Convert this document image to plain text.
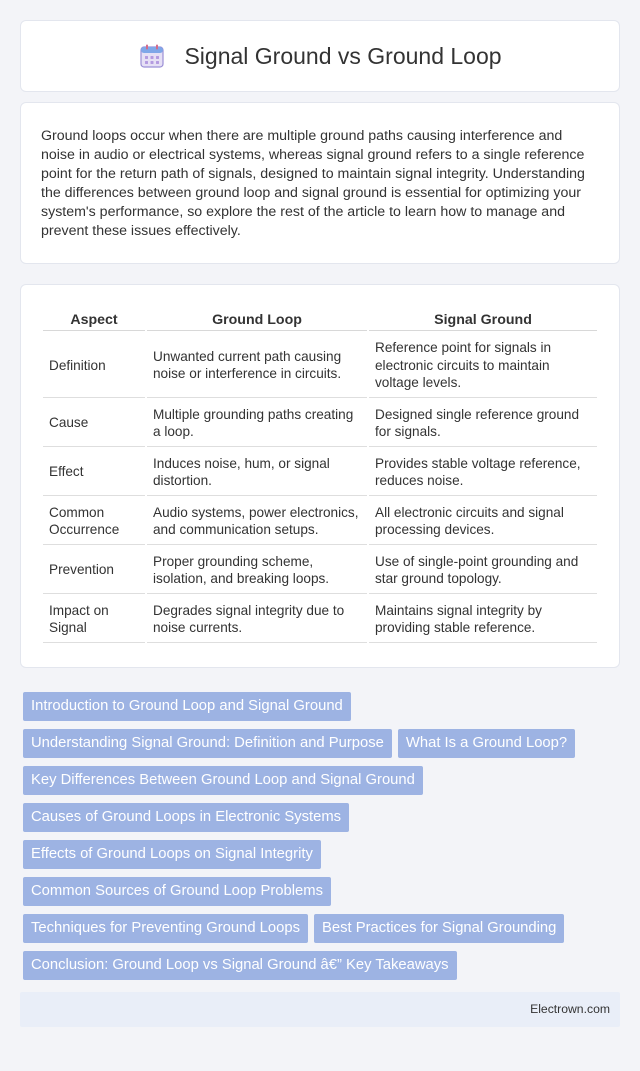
Signal Ground vs Ground Loop

Ground loops occur when there are multiple ground paths causing interference and noise in audio or electrical systems, whereas signal ground refers to a single reference point for the return path of signals, designed to maintain signal integrity. Understanding the differences between ground loop and signal ground is essential for optimizing your system's performance, so explore the rest of the article to learn how to manage and prevent these issues effectively.

Aspect	Ground Loop	Signal Ground
Definition	Unwanted current path causing noise or interference in circuits.	Reference point for signals in electronic circuits to maintain voltage levels.
Cause	Multiple grounding paths creating a loop.	Designed single reference ground for signals.
Effect	Induces noise, hum, or signal distortion.	Provides stable voltage reference, reduces noise.
Common Occurrence	Audio systems, power electronics, and communication setups.	All electronic circuits and signal processing devices.
Prevention	Proper grounding scheme, isolation, and breaking loops.	Use of single-point grounding and star ground topology.
Impact on Signal	Degrades signal integrity due to noise currents.	Maintains signal integrity by providing stable reference.
Introduction to Ground Loop and Signal Ground
Understanding Signal Ground: Definition and Purpose	What Is a Ground Loop?
Key Differences Between Ground Loop and Signal Ground
Causes of Ground Loops in Electronic Systems
Effects of Ground Loops on Signal Integrity
Common Sources of Ground Loop Problems
Techniques for Preventing Ground Loops	Best Practices for Signal Grounding
Conclusion: Ground Loop vs Signal Ground â€” Key Takeaways
Electrown.com
